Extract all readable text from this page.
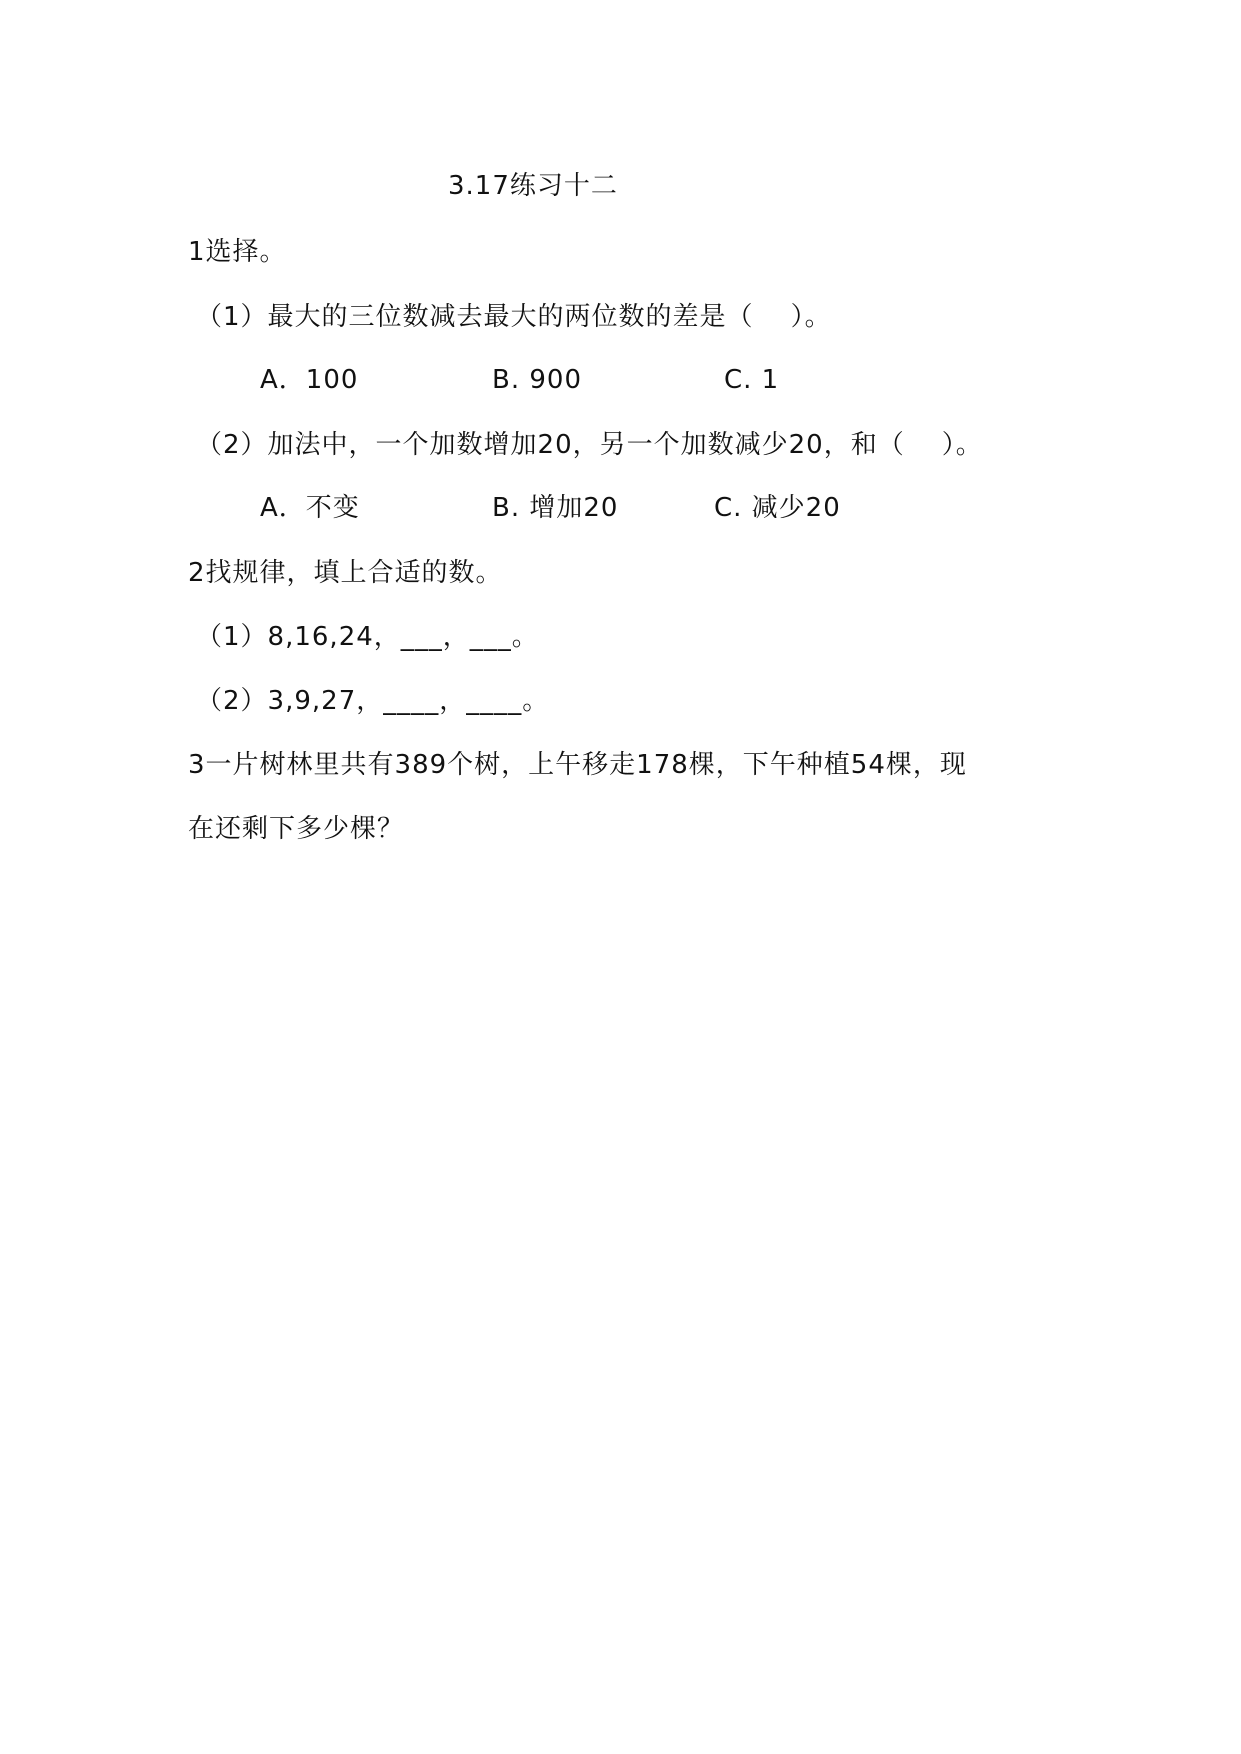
3.17练习十二
1选择。
（1）最大的三位数减去最大的两位数的差是（    ）。
A．100	B. 900	C. 1
（2）加法中，一个加数增加20，另一个加数减少20，和（    ）。
A．不变	B. 增加20	C. 减少20
2找规律，填上合适的数。
（1）8,16,24，___，___。
（2）3,9,27，____，____。
3一片树林里共有389个树，上午移走178棵，下午种植54棵，现
在还剩下多少棵？
